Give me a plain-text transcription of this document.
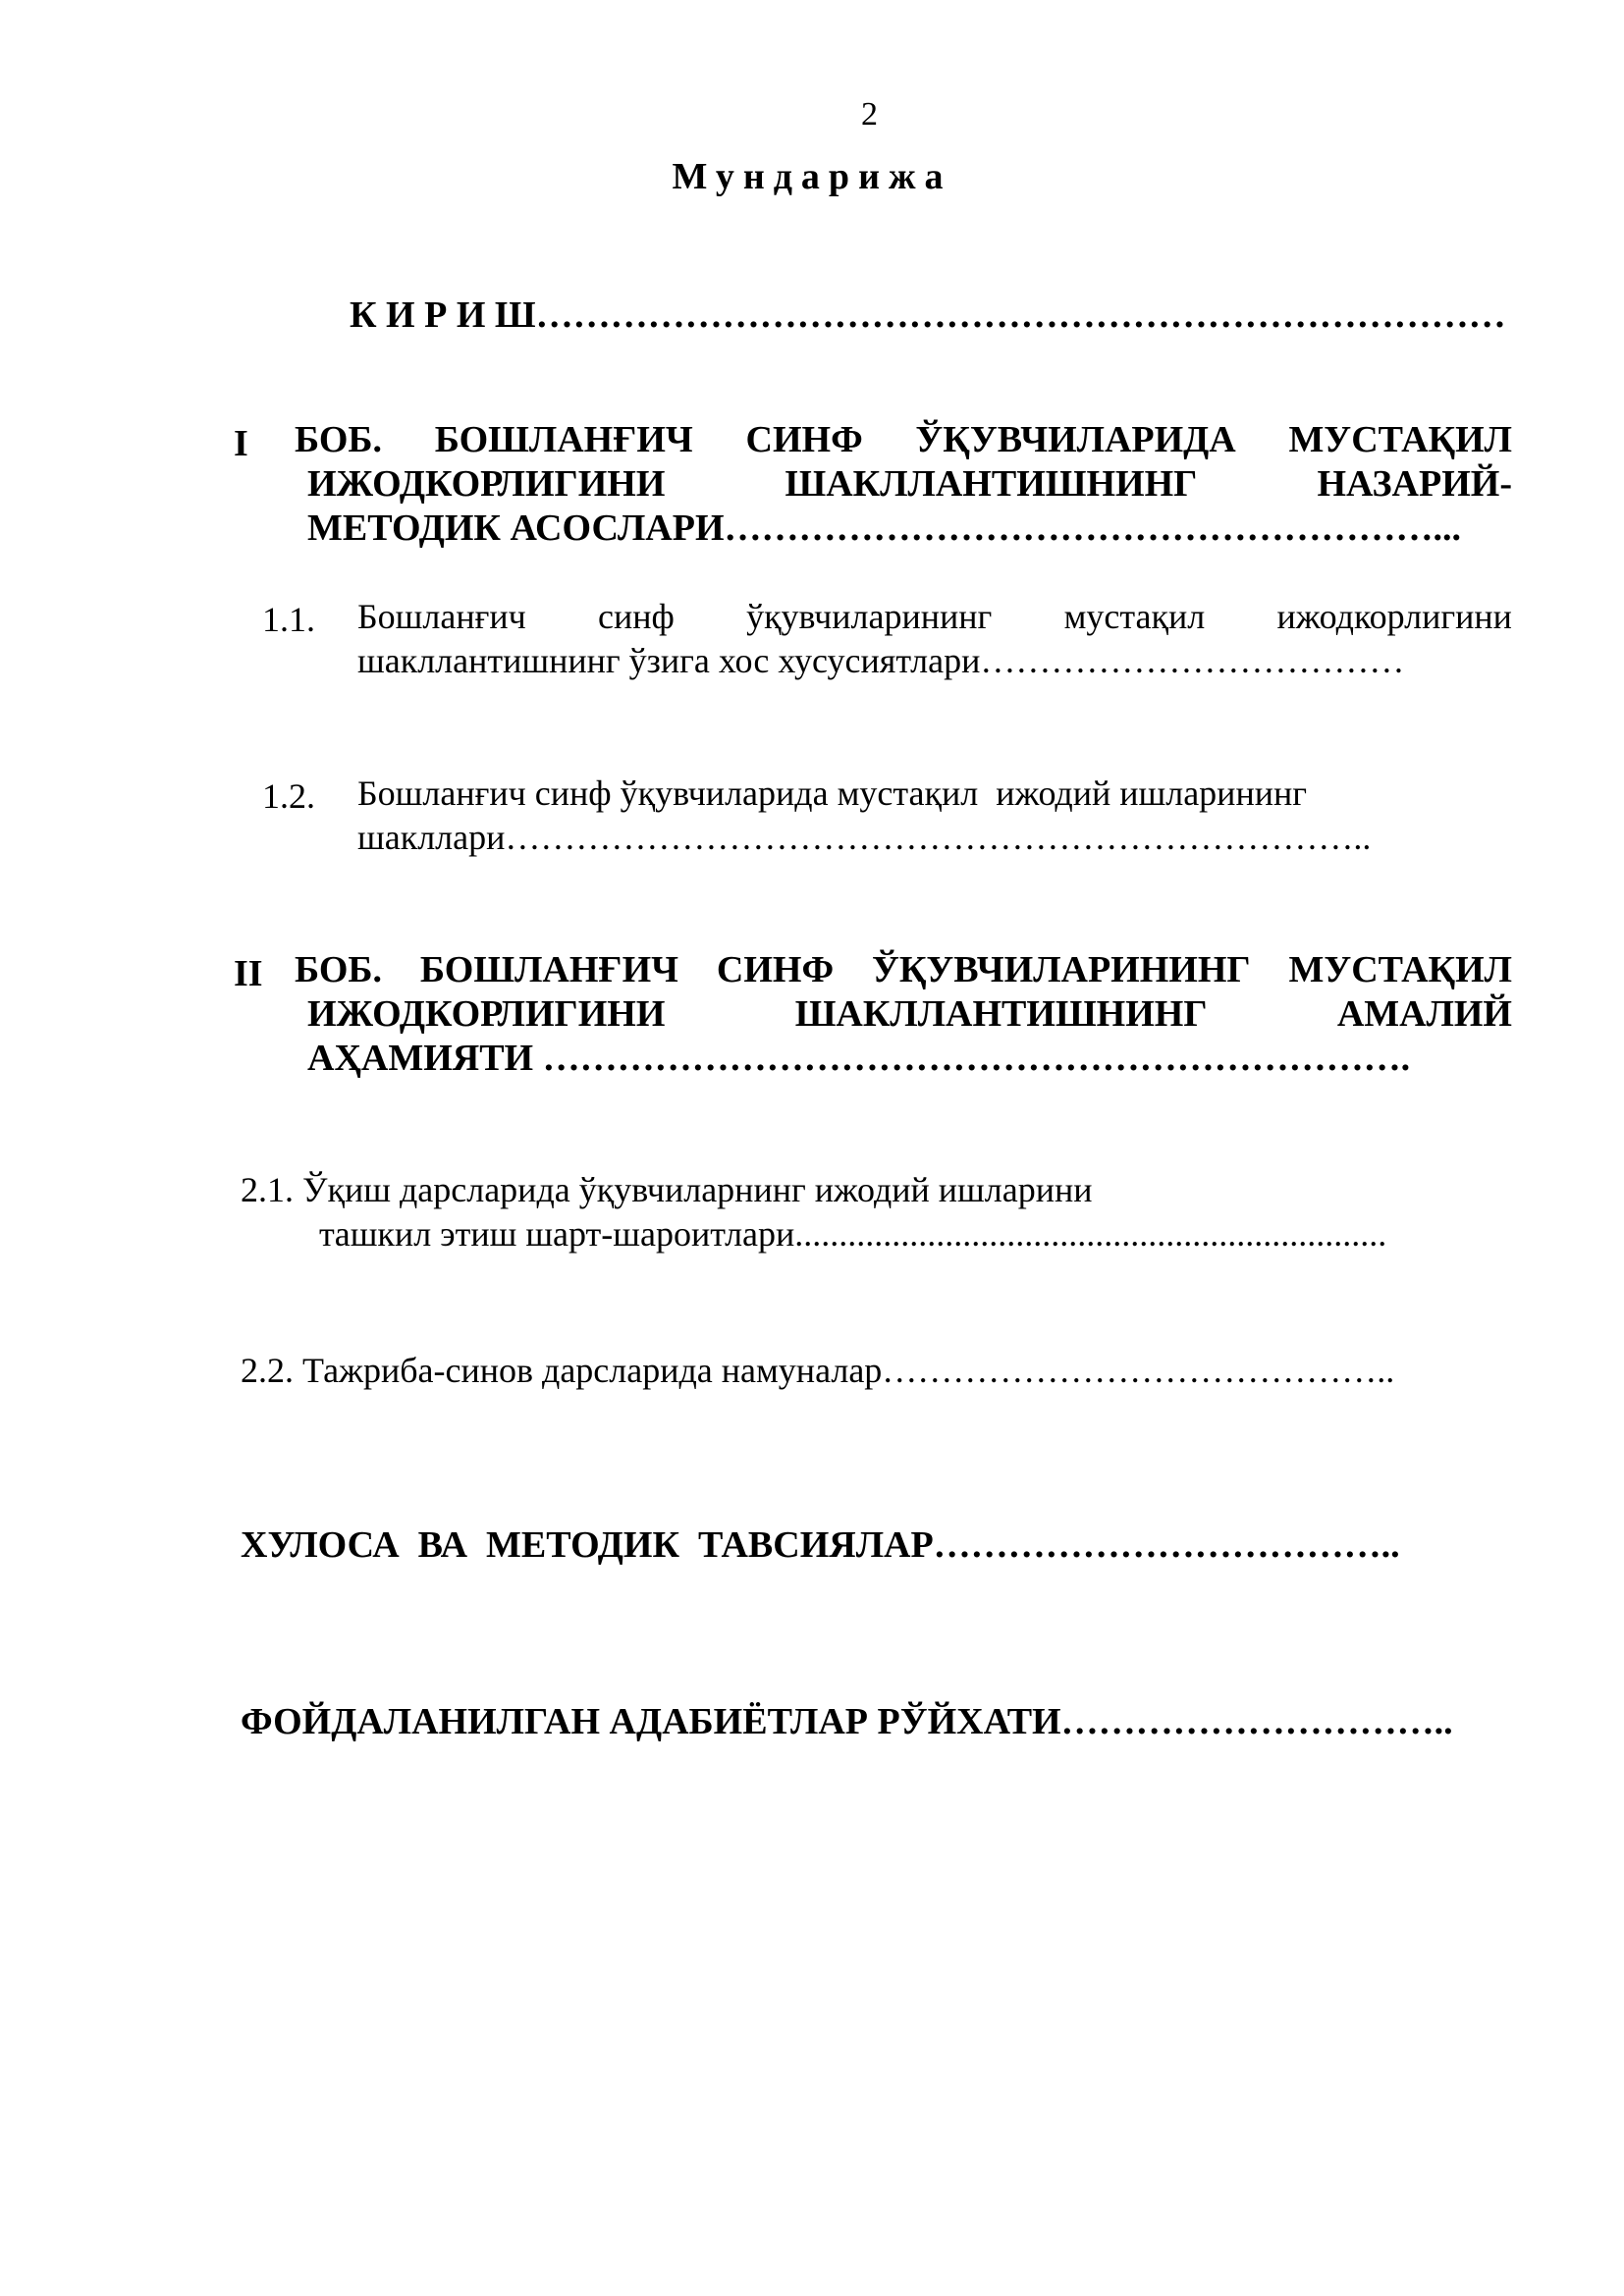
2
Мундарижа
К И Р И Ш……………………………………………………………………
I БОБ. БОШЛАНҒИЧ СИНФ ЎҚУВЧИЛАРИДА МУСТАҚИЛ
ИЖОДКОРЛИГИНИ	ШАКЛЛАНТИШНИНГ	НАЗАРИЙ-
МЕТОДИК АСОСЛАРИ…………………………………………………...
1.1. Бошланғич синф ўқувчиларининг мустақил ижодкорлигини
шакллантишнинг ўзига хос хусусиятлари………………………………
1.2. Бошланғич синф ўқувчиларида мустақил  ижодий ишларининг
шакллари………………………………………………………………..
II БОБ. БОШЛАНҒИЧ СИНФ ЎҚУВЧИЛАРИНИНГ МУСТАҚИЛ
ИЖОДКОРЛИГИНИ	ШАКЛЛАНТИШНИНГ	АМАЛИЙ
АҲАМИЯТИ …………………………………………………………….
2.1. Ўқиш дарсларида ўқувчиларнинг ижодий ишларини
тaшкил этиш шарт-шароитлари...................................................................
2.2. Тажриба-синов дарсларида намуналар……………………………………..
ХУЛОСА  ВА  МЕТОДИК  ТАВСИЯЛАР………………………………..
ФОЙДАЛАНИЛГАН АДАБИЁТЛАР РЎЙХАТИ…………………………..
